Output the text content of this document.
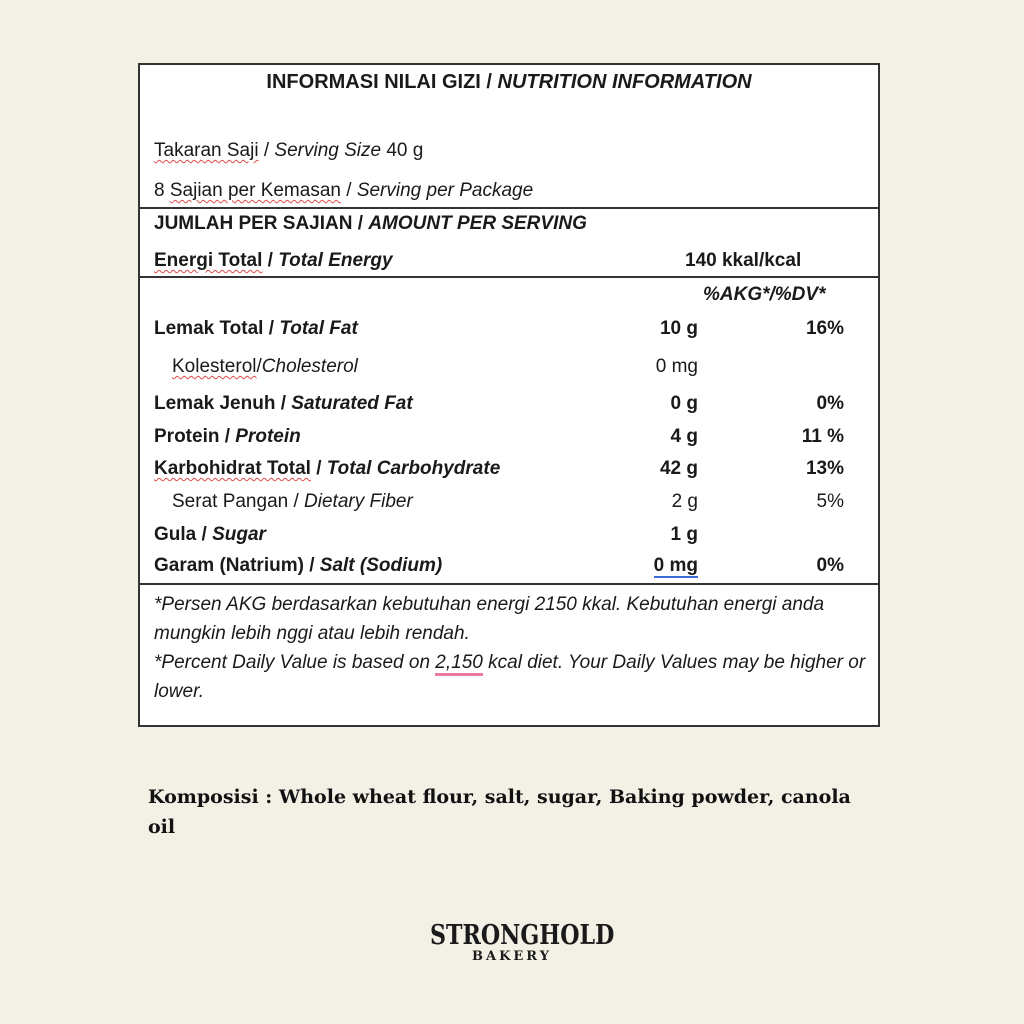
INFORMASI NILAI GIZI / NUTRITION INFORMATION
Takaran Saji / Serving Size 40 g
8 Sajian per Kemasan / Serving per Package
JUMLAH PER SAJIAN / AMOUNT PER SERVING
Energi Total / Total Energy	140 kkal/kcal
%AKG*/%DV*
Lemak Total / Total Fat	10 g	16%
Kolesterol/Cholesterol	0 mg
Lemak Jenuh / Saturated Fat	0 g	0%
Protein / Protein	4 g	11 %
Karbohidrat Total / Total Carbohydrate	42 g	13%
Serat Pangan / Dietary Fiber	2 g	5%
Gula / Sugar	1 g
Garam (Natrium) / Salt (Sodium)	0 mg	0%
*Persen AKG berdasarkan kebutuhan energi 2150 kkal. Kebutuhan energi anda mungkin lebih nggi atau lebih rendah.
*Percent Daily Value is based on 2,150 kcal diet. Your Daily Values may be higher or lower.
Komposisi : Whole wheat flour, salt, sugar, Baking powder, canola oil
STRONGHOLD
BAKERY
